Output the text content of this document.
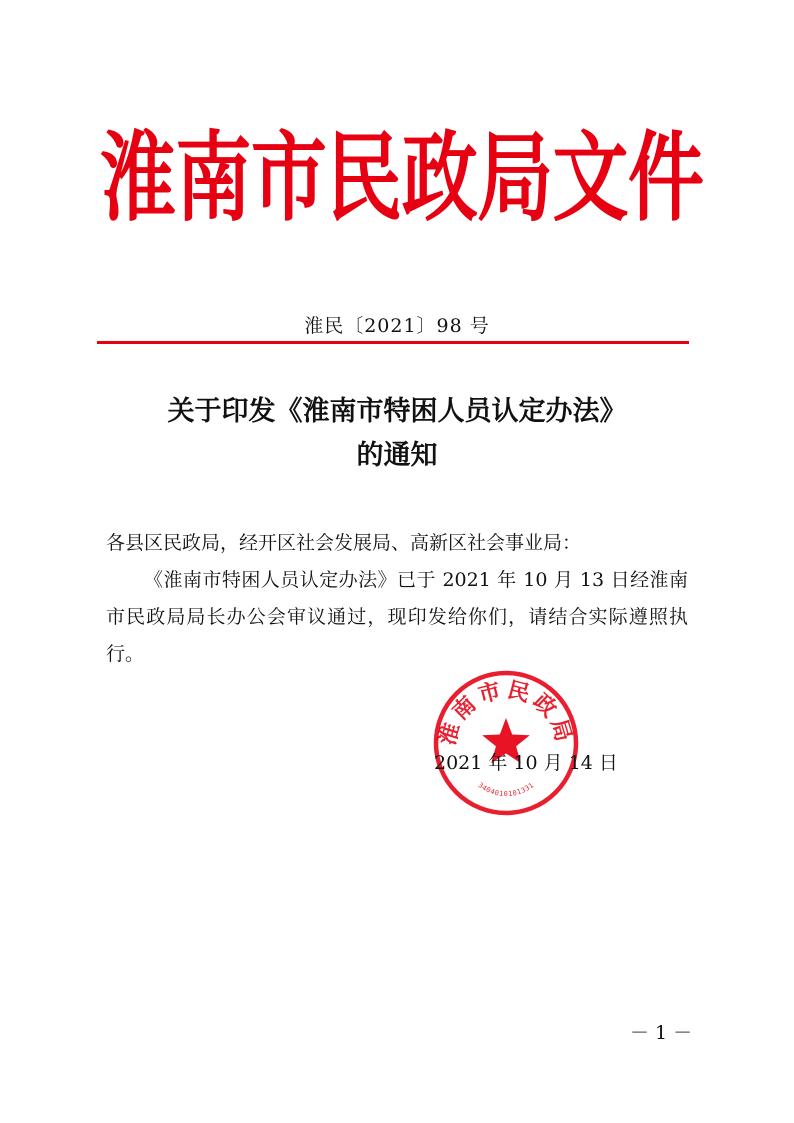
淮 南 市 民 政 局 文 件
淮民〔2021〕98 号
关于印发《淮南市特困人员认定办法》
的通知

各县区民政局，经开区社会发展局、高新区社会事业局：

《淮南市特困人员认定办法》已于 2021 年 10 月 13 日经淮南市民政局局长办公会审议通过，现印发给你们，请结合实际遵照执行。

淮南市民政局
3404010101331
2021 年 10 月 14 日
－ 1 －
